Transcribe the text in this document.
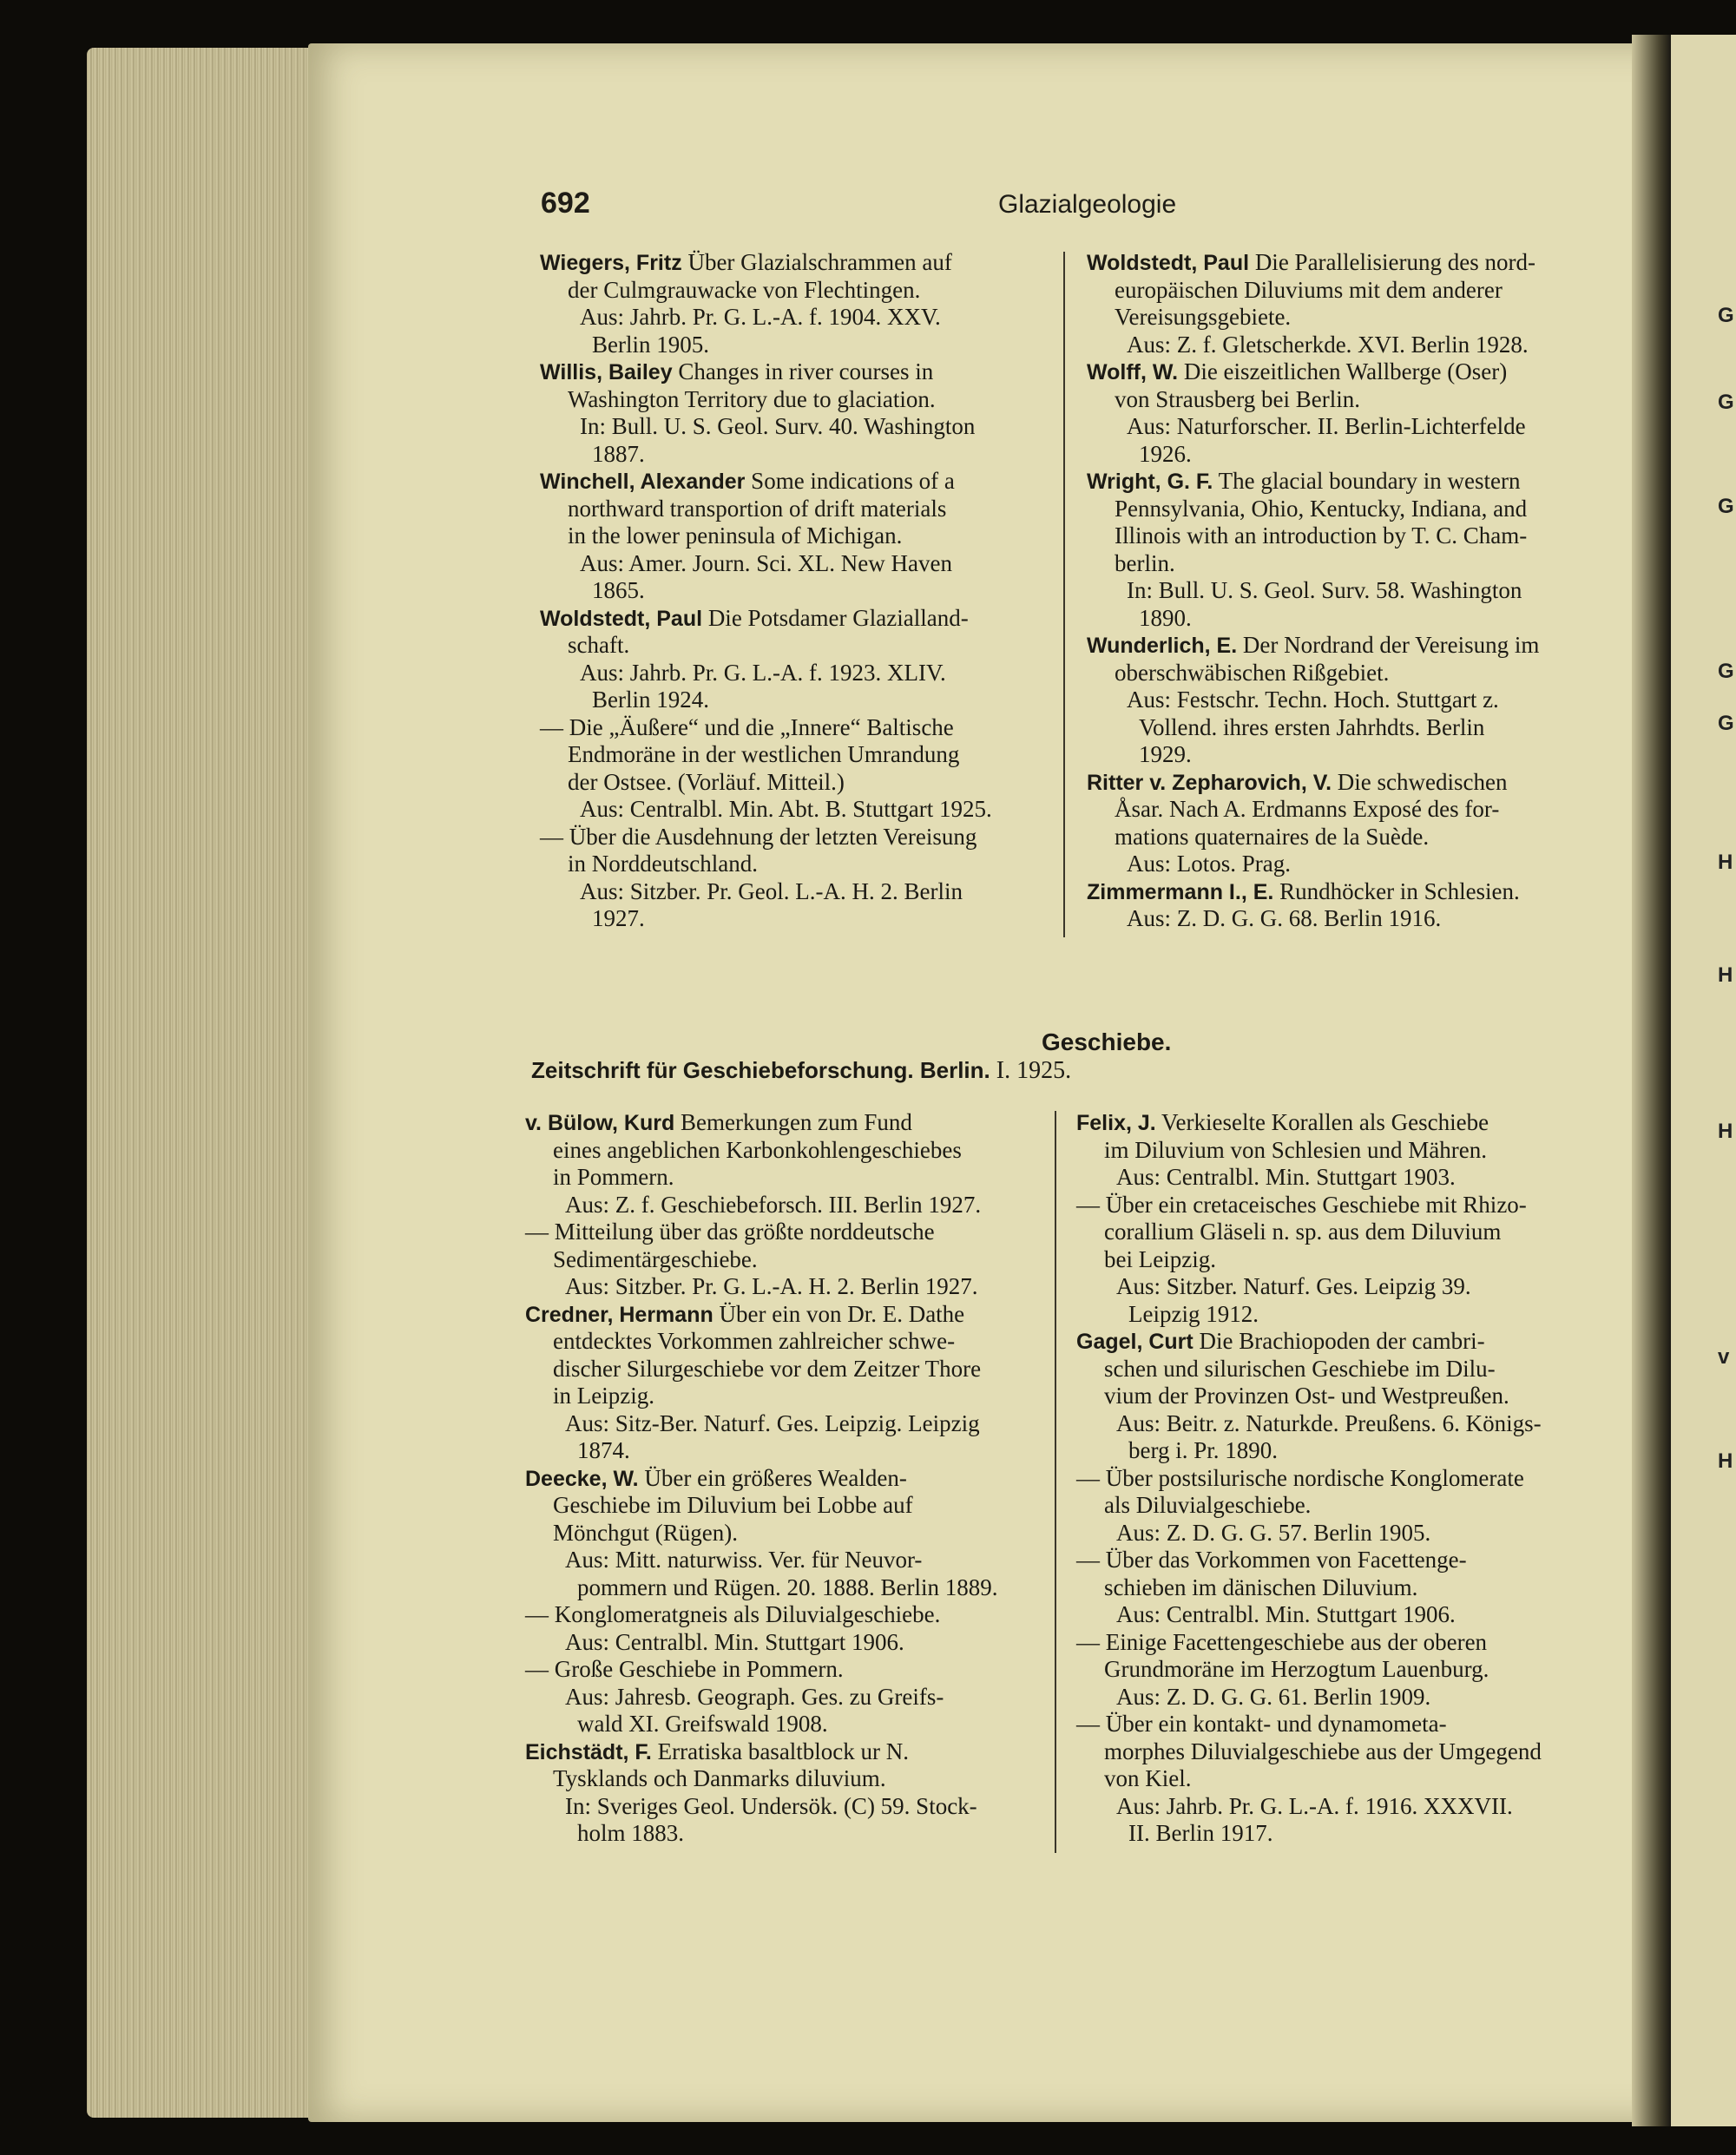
G
G
G
G
G
H
H
H
v
H
692	Glazialgeologie
Wiegers, Fritz Über Glazialschrammen auf
der Culmgrauwacke von Flechtingen.
Aus: Jahrb. Pr. G. L.-A. f. 1904. XXV.
Berlin 1905.
Willis, Bailey Changes in river courses in
Washington Territory due to glaciation.
In: Bull. U. S. Geol. Surv. 40. Washington
1887.
Winchell, Alexander Some indications of a
northward transportion of drift materials
in the lower peninsula of Michigan.
Aus: Amer. Journ. Sci. XL. New Haven
1865.
Woldstedt, Paul Die Potsdamer Glazialland-
schaft.
Aus: Jahrb. Pr. G. L.-A. f. 1923. XLIV.
Berlin 1924.
— Die „Äußere“ und die „Innere“ Baltische
Endmoräne in der westlichen Umrandung
der Ostsee. (Vorläuf. Mitteil.)
Aus: Centralbl. Min. Abt. B. Stuttgart 1925.
— Über die Ausdehnung der letzten Vereisung
in Norddeutschland.
Aus: Sitzber. Pr. Geol. L.-A. H. 2. Berlin
1927.
Woldstedt, Paul Die Parallelisierung des nord-
europäischen Diluviums mit dem anderer
Vereisungsgebiete.
Aus: Z. f. Gletscherkde. XVI. Berlin 1928.
Wolff, W. Die eiszeitlichen Wallberge (Oser)
von Strausberg bei Berlin.
Aus: Naturforscher. II. Berlin-Lichterfelde
1926.
Wright, G. F. The glacial boundary in western
Pennsylvania, Ohio, Kentucky, Indiana, and
Illinois with an introduction by T. C. Cham-
berlin.
In: Bull. U. S. Geol. Surv. 58. Washington
1890.
Wunderlich, E. Der Nordrand der Vereisung im
oberschwäbischen Rißgebiet.
Aus: Festschr. Techn. Hoch. Stuttgart z.
Vollend. ihres ersten Jahrhdts. Berlin
1929.
Ritter v. Zepharovich, V. Die schwedischen
Åsar. Nach A. Erdmanns Exposé des for-
mations quaternaires de la Suède.
Aus: Lotos. Prag.
Zimmermann I., E. Rundhöcker in Schlesien.
Aus: Z. D. G. G. 68. Berlin 1916.
Geschiebe.
Zeitschrift für Geschiebeforschung. Berlin. I. 1925.
v. Bülow, Kurd Bemerkungen zum Fund
eines angeblichen Karbonkohlengeschiebes
in Pommern.
Aus: Z. f. Geschiebeforsch. III. Berlin 1927.
— Mitteilung über das größte norddeutsche
Sedimentärgeschiebe.
Aus: Sitzber. Pr. G. L.-A. H. 2. Berlin 1927.
Credner, Hermann Über ein von Dr. E. Dathe
entdecktes Vorkommen zahlreicher schwe-
discher Silurgeschiebe vor dem Zeitzer Thore
in Leipzig.
Aus: Sitz-Ber. Naturf. Ges. Leipzig. Leipzig
1874.
Deecke, W. Über ein größeres Wealden-
Geschiebe im Diluvium bei Lobbe auf
Mönchgut (Rügen).
Aus: Mitt. naturwiss. Ver. für Neuvor-
pommern und Rügen. 20. 1888. Berlin 1889.
— Konglomeratgneis als Diluvialgeschiebe.
Aus: Centralbl. Min. Stuttgart 1906.
— Große Geschiebe in Pommern.
Aus: Jahresb. Geograph. Ges. zu Greifs-
wald XI. Greifswald 1908.
Eichstädt, F. Erratiska basaltblock ur N.
Tysklands och Danmarks diluvium.
In: Sveriges Geol. Undersök. (C) 59. Stock-
holm 1883.
Felix, J. Verkieselte Korallen als Geschiebe
im Diluvium von Schlesien und Mähren.
Aus: Centralbl. Min. Stuttgart 1903.
— Über ein cretaceisches Geschiebe mit Rhizo-
corallium Gläseli n. sp. aus dem Diluvium
bei Leipzig.
Aus: Sitzber. Naturf. Ges. Leipzig 39.
Leipzig 1912.
Gagel, Curt Die Brachiopoden der cambri-
schen und silurischen Geschiebe im Dilu-
vium der Provinzen Ost- und Westpreußen.
Aus: Beitr. z. Naturkde. Preußens. 6. Königs-
berg i. Pr. 1890.
— Über postsilurische nordische Konglomerate
als Diluvialgeschiebe.
Aus: Z. D. G. G. 57. Berlin 1905.
— Über das Vorkommen von Facettenge-
schieben im dänischen Diluvium.
Aus: Centralbl. Min. Stuttgart 1906.
— Einige Facettengeschiebe aus der oberen
Grundmoräne im Herzogtum Lauenburg.
Aus: Z. D. G. G. 61. Berlin 1909.
— Über ein kontakt- und dynamometa-
morphes Diluvialgeschiebe aus der Umgegend
von Kiel.
Aus: Jahrb. Pr. G. L.-A. f. 1916. XXXVII.
II. Berlin 1917.
